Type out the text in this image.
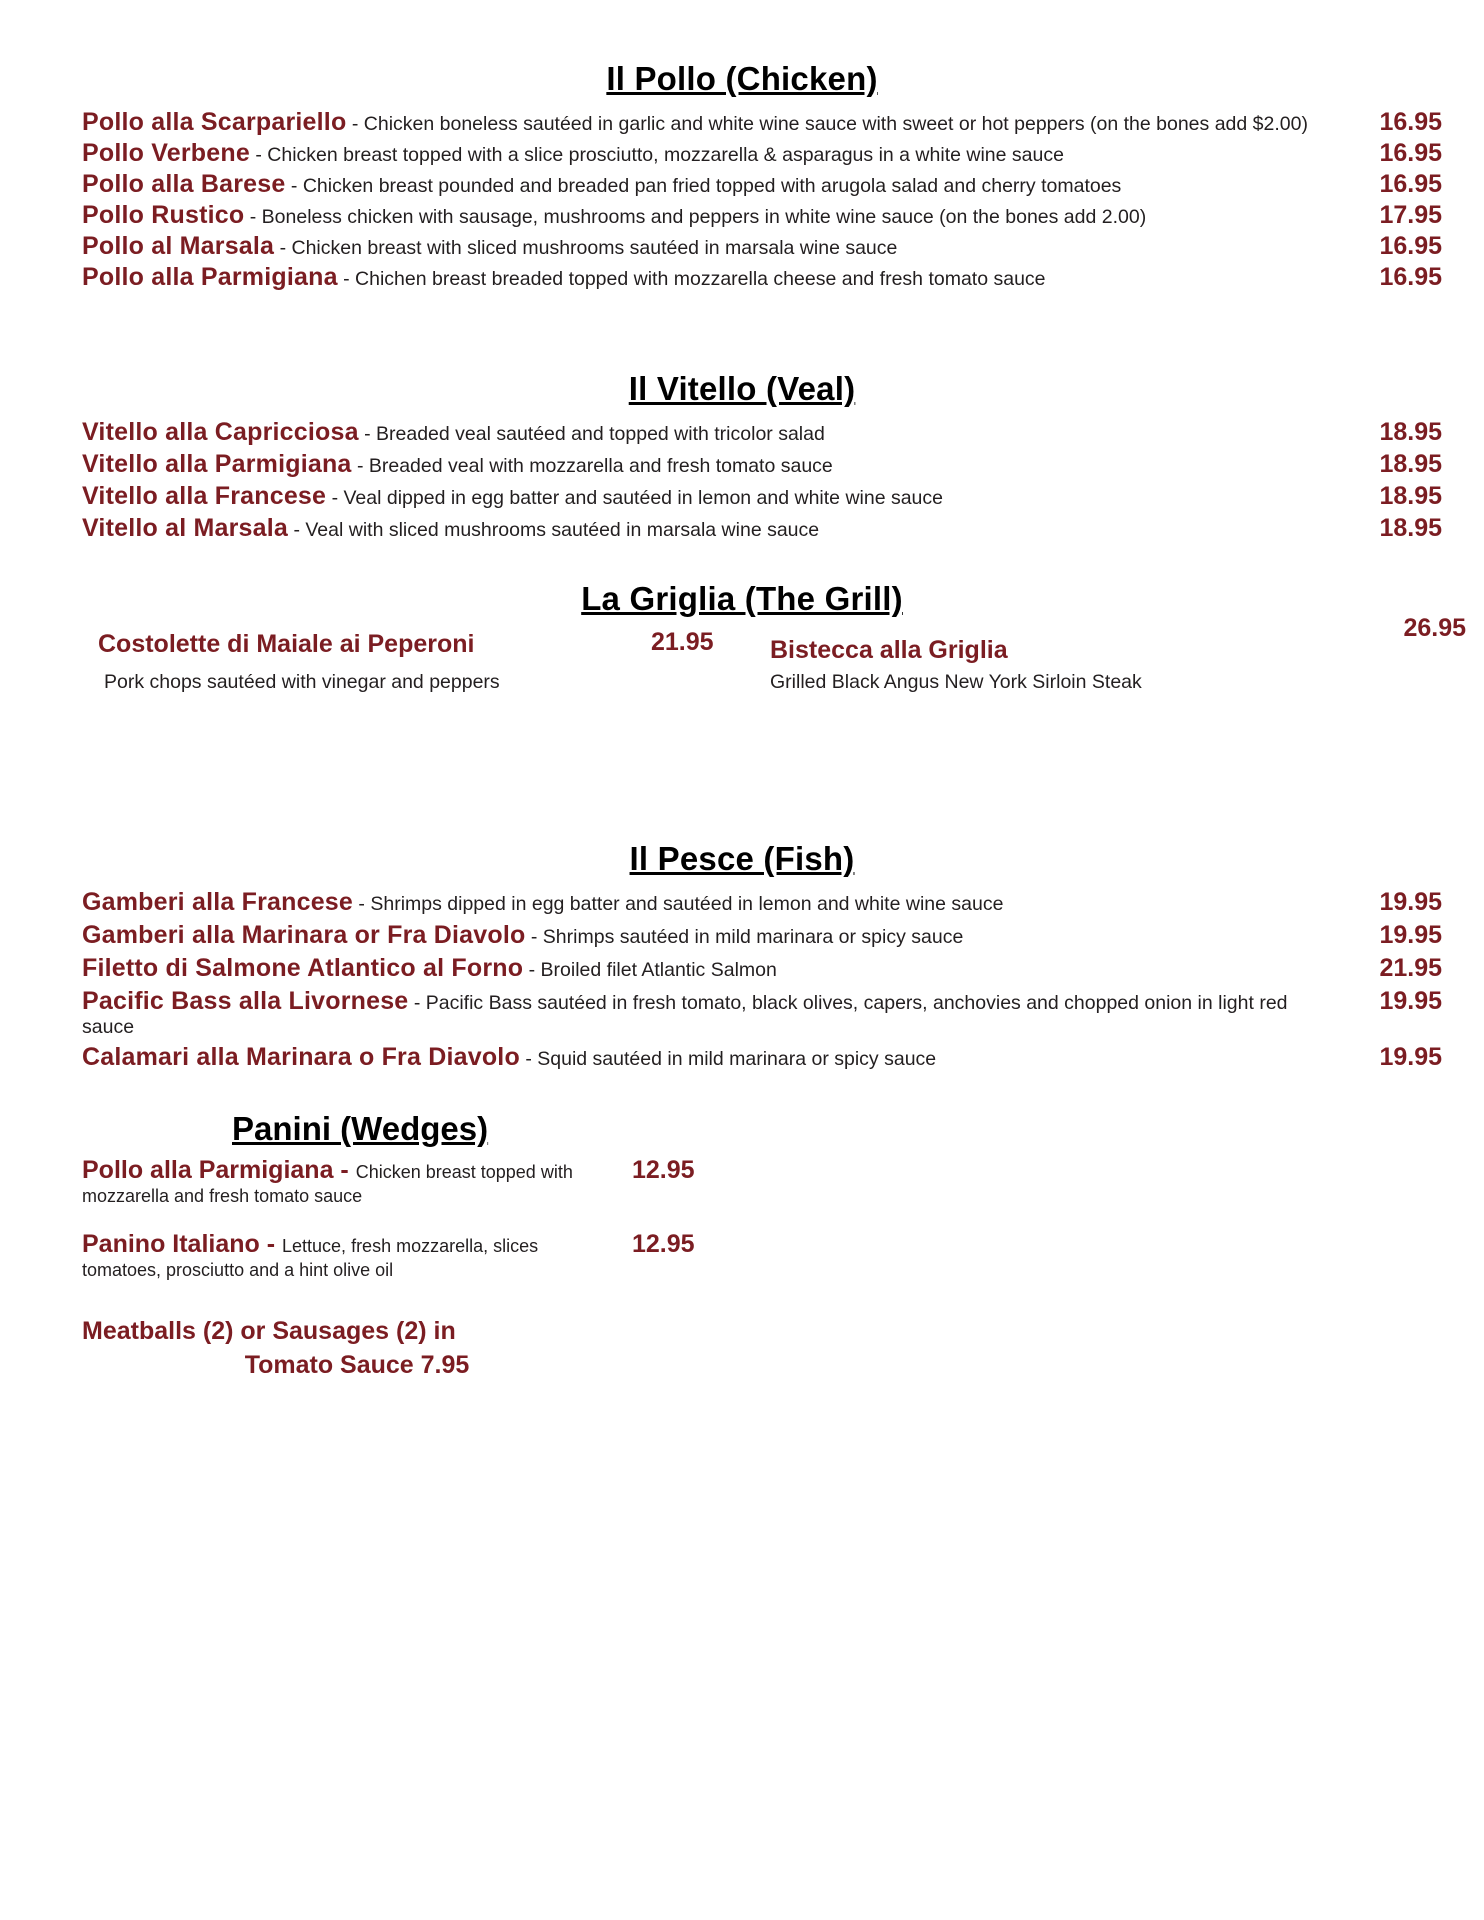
Il Pollo (Chicken)
Pollo alla Scarpariello - Chicken boneless sautéed in garlic and white wine sauce with sweet or hot peppers (on the bones add $2.00)	16.95
Pollo Verbene - Chicken breast topped with a slice prosciutto, mozzarella & asparagus in a white wine sauce	16.95
Pollo alla Barese - Chicken breast pounded and breaded pan fried topped with arugola salad and cherry tomatoes	16.95
Pollo Rustico - Boneless chicken with sausage, mushrooms and peppers in white wine sauce (on the bones add 2.00)	17.95
Pollo al Marsala - Chicken breast with sliced mushrooms sautéed in marsala wine sauce	16.95
Pollo alla Parmigiana - Chichen breast breaded topped with mozzarella cheese and fresh tomato sauce	16.95
Il Vitello (Veal)
Vitello alla Capricciosa - Breaded veal sautéed and topped with tricolor salad	18.95
Vitello alla Parmigiana - Breaded veal with mozzarella and fresh tomato sauce	18.95
Vitello alla Francese - Veal dipped in egg batter and sautéed in lemon and white wine sauce	18.95
Vitello al Marsala - Veal with sliced mushrooms sautéed in marsala wine sauce	18.95
La Griglia (The Grill)
Costolette di Maiale ai Peperoni	21.95
Pork chops sautéed with vinegar and peppers
Bistecca alla Griglia
Grilled Black Angus New York Sirloin Steak
26.95
Il Pesce (Fish)
Gamberi alla Francese - Shrimps dipped in egg batter and sautéed in lemon and white wine sauce	19.95
Gamberi alla Marinara or Fra Diavolo - Shrimps sautéed in mild marinara or spicy sauce	19.95
Filetto di Salmone Atlantico al Forno - Broiled filet Atlantic Salmon	21.95
Pacific Bass alla Livornese - Pacific Bass sautéed in fresh tomato, black olives, capers, anchovies and chopped onion in light red sauce
19.95
Calamari alla Marinara o Fra Diavolo - Squid sautéed in mild marinara or spicy sauce	19.95
Panini (Wedges)
Pollo alla Parmigiana - Chicken breast topped with mozzarella and fresh tomato sauce
12.95
Panino Italiano - Lettuce, fresh mozzarella, slices tomatoes, prosciutto and a hint olive oil
12.95
Meatballs (2) or Sausages (2) in
Tomato Sauce 7.95
